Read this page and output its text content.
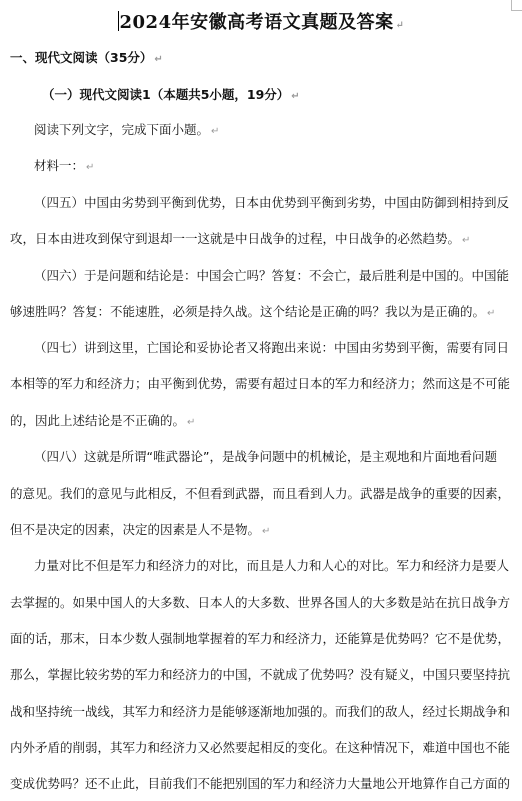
2024年安徽高考语文真题及答案 ↵
一、现代文阅读（35分） ↵
（一）现代文阅读1（本题共5小题，19分） ↵
阅读下列文字，完成下面小题。 ↵
材料一： ↵
（四五）中国由劣势到平衡到优势，日本由优势到平衡到劣势，中国由防御到相持到反
攻，日本由进攻到保守到退却一一这就是中日战争的过程，中日战争的必然趋势。 ↵
（四六）于是问题和结论是：中国会亡吗？答复：不会亡，最后胜利是中国的。中国能
够速胜吗？答复：不能速胜，必须是持久战。这个结论是正确的吗？我以为是正确的。 ↵
（四七）讲到这里，亡国论和妥协论者又将跑出来说：中国由劣势到平衡，需要有同日
本相等的军力和经济力；由平衡到优势，需要有超过日本的军力和经济力；然而这是不可能
的，因此上述结论是不正确的。 ↵
（四八）这就是所谓“唯武器论”，是战争问题中的机械论，是主观地和片面地看问题
的意见。我们的意见与此相反，不但看到武器，而且看到人力。武器是战争的重要的因素，
但不是决定的因素，决定的因素是人不是物。 ↵
力量对比不但是军力和经济力的对比，而且是人力和人心的对比。军力和经济力是要人
去掌握的。如果中国人的大多数、日本人的大多数、世界各国人的大多数是站在抗日战争方
面的话，那末，日本少数人强制地掌握着的军力和经济力，还能算是优势吗？它不是优势，
那么，掌握比较劣势的军力和经济力的中国，不就成了优势吗？没有疑义，中国只要坚持抗
战和坚持统一战线，其军力和经济力是能够逐渐地加强的。而我们的敌人，经过长期战争和
内外矛盾的削弱，其军力和经济力又必然要起相反的变化。在这种情况下，难道中国也不能
变成优势吗？还不止此，目前我们不能把别国的军力和经济力大量地公开地算作自己方面的
